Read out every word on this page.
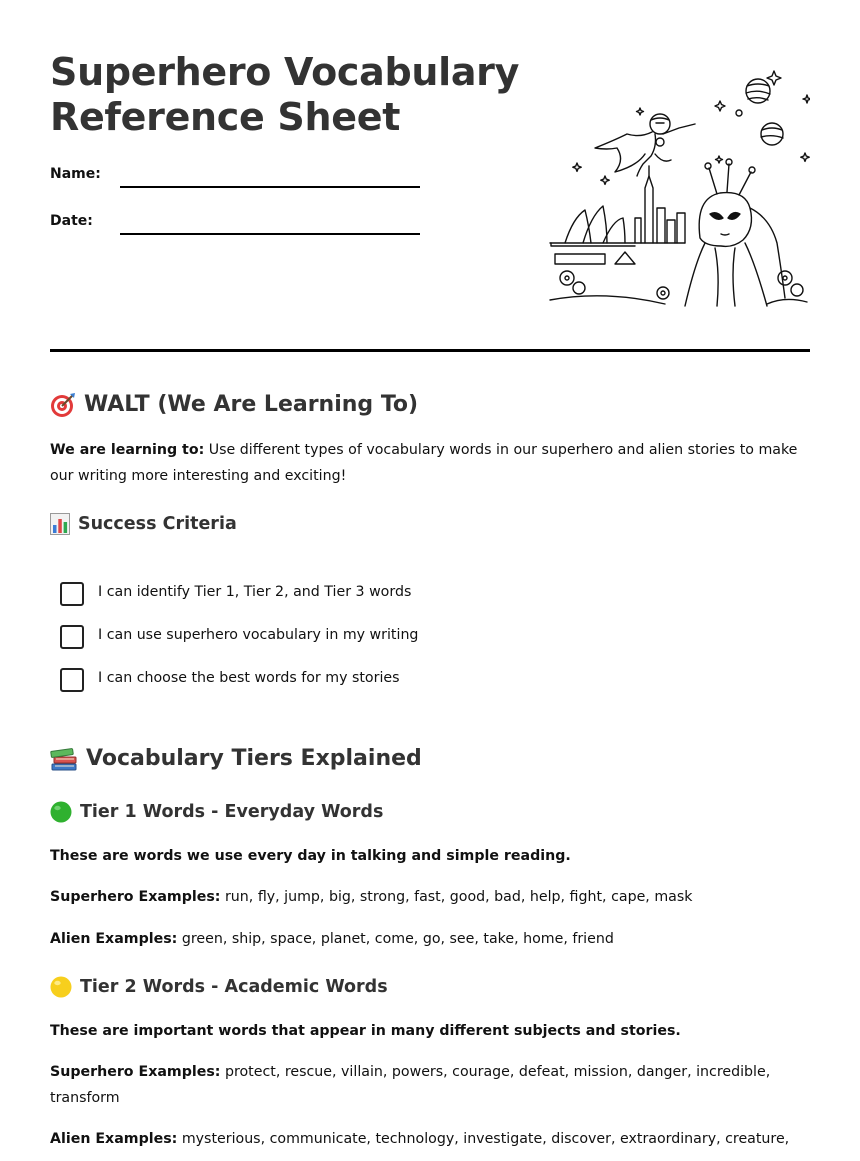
Superhero Vocabulary
Reference Sheet
Name:
Date:
WALT (We Are Learning To)

We are learning to: Use different types of vocabulary words in our superhero and alien stories to make our writing more interesting and exciting!

Success Criteria
I can identify Tier 1, Tier 2, and Tier 3 words
I can use superhero vocabulary in my writing
I can choose the best words for my stories
Vocabulary Tiers Explained
Tier 1 Words - Everyday Words

These are words we use every day in talking and simple reading.

Superhero Examples: run, fly, jump, big, strong, fast, good, bad, help, fight, cape, mask

Alien Examples: green, ship, space, planet, come, go, see, take, home, friend

Tier 2 Words - Academic Words

These are important words that appear in many different subjects and stories.

Superhero Examples: protect, rescue, villain, powers, courage, defeat, mission, danger, incredible, transform

Alien Examples: mysterious, communicate, technology, investigate, discover, extraordinary, creature,
